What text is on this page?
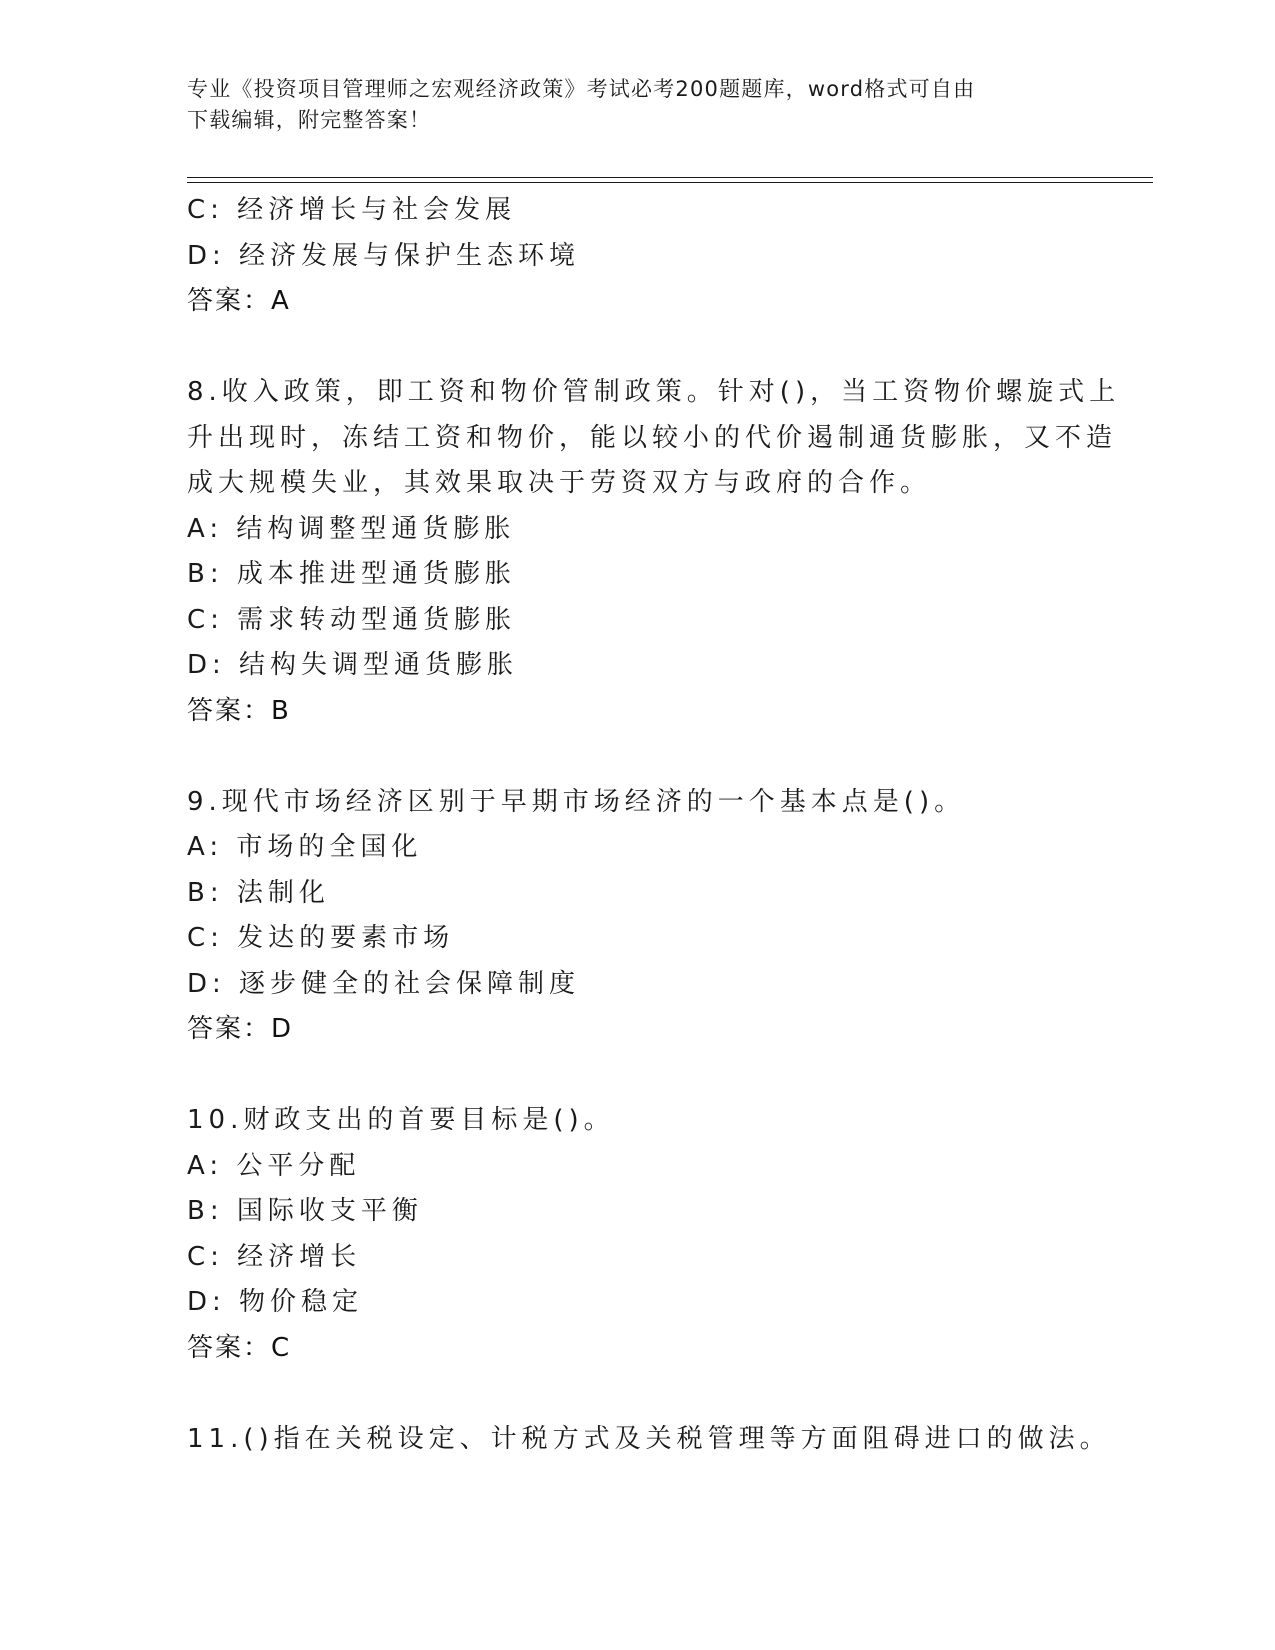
专业《投资项目管理师之宏观经济政策》考试必考200题题库，word格式可自由
下载编辑，附完整答案！
C: 经济增长与社会发展
D: 经济发展与保护生态环境
答案：A
8.收入政策，即工资和物价管制政策。针对()，当工资物价螺旋式上
升出现时，冻结工资和物价，能以较小的代价遏制通货膨胀，又不造
成大规模失业，其效果取决于劳资双方与政府的合作。
A: 结构调整型通货膨胀
B: 成本推进型通货膨胀
C: 需求转动型通货膨胀
D: 结构失调型通货膨胀
答案：B
9.现代市场经济区别于早期市场经济的一个基本点是()。
A: 市场的全国化
B: 法制化
C: 发达的要素市场
D: 逐步健全的社会保障制度
答案：D
10.财政支出的首要目标是()。
A: 公平分配
B: 国际收支平衡
C: 经济增长
D: 物价稳定
答案：C
11.()指在关税设定、计税方式及关税管理等方面阻碍进口的做法。
